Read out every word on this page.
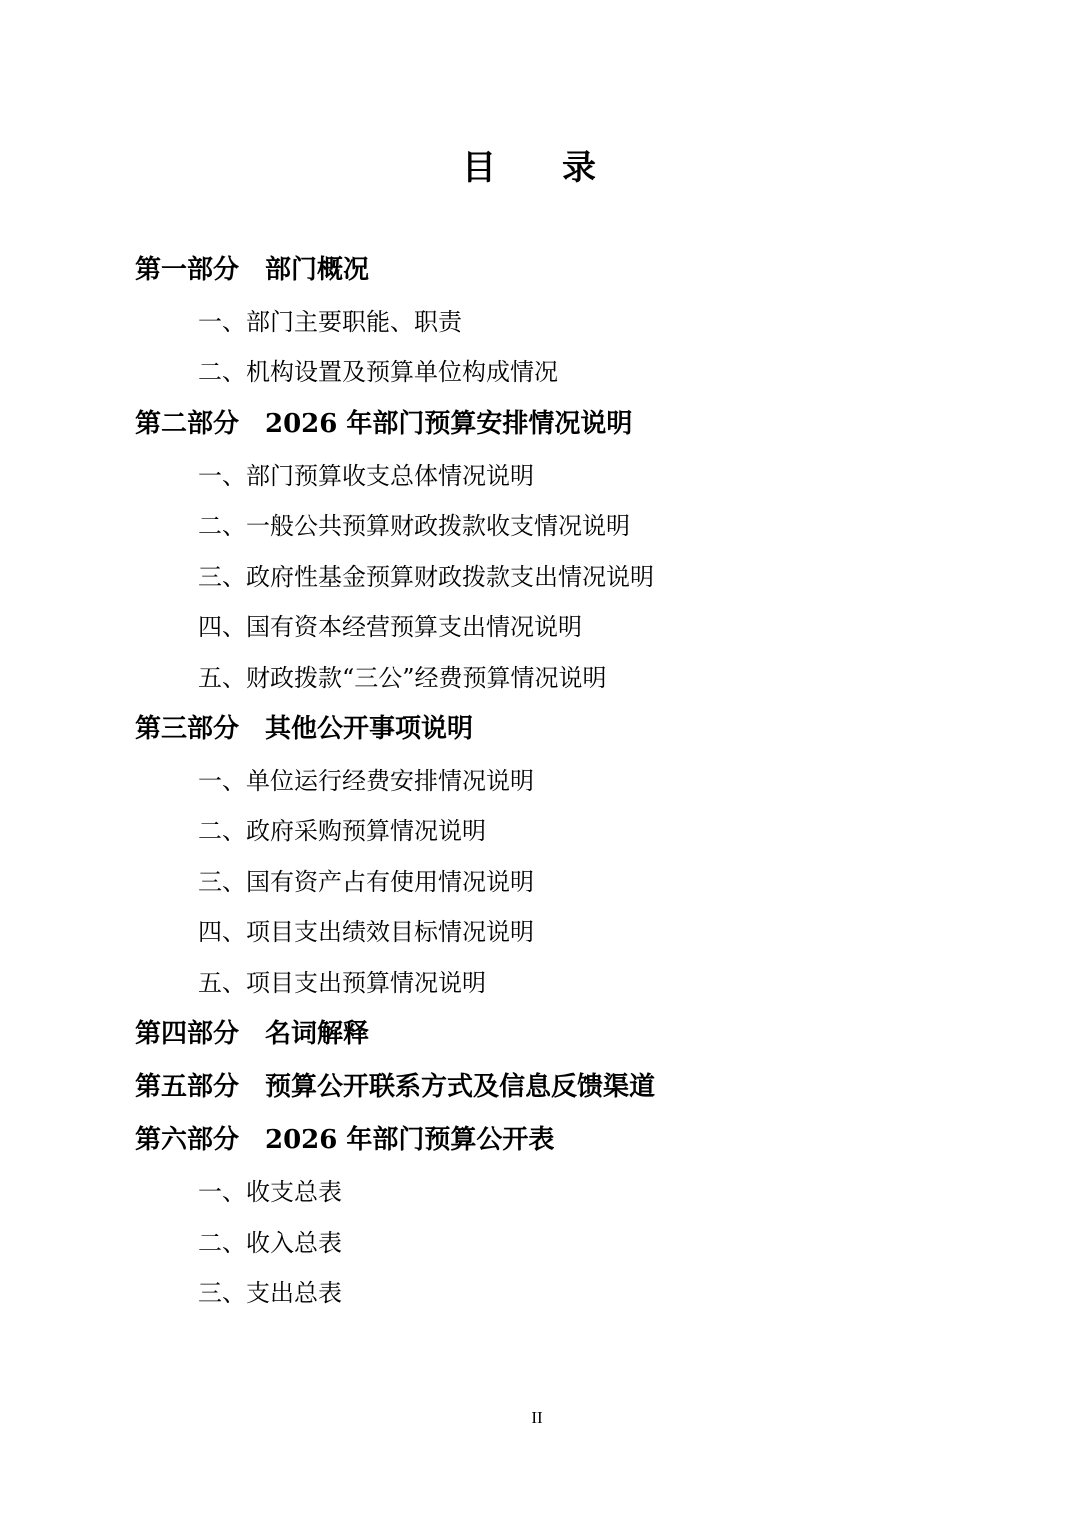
目　录
第一部分　部门概况
一、部门主要职能、职责
二、机构设置及预算单位构成情况
第二部分　2026 年部门预算安排情况说明
一、部门预算收支总体情况说明
二、一般公共预算财政拨款收支情况说明
三、政府性基金预算财政拨款支出情况说明
四、国有资本经营预算支出情况说明
五、财政拨款“三公”经费预算情况说明
第三部分　其他公开事项说明
一、单位运行经费安排情况说明
二、政府采购预算情况说明
三、国有资产占有使用情况说明
四、项目支出绩效目标情况说明
五、项目支出预算情况说明
第四部分　名词解释
第五部分　预算公开联系方式及信息反馈渠道
第六部分　2026 年部门预算公开表
一、收支总表
二、收入总表
三、支出总表
II
